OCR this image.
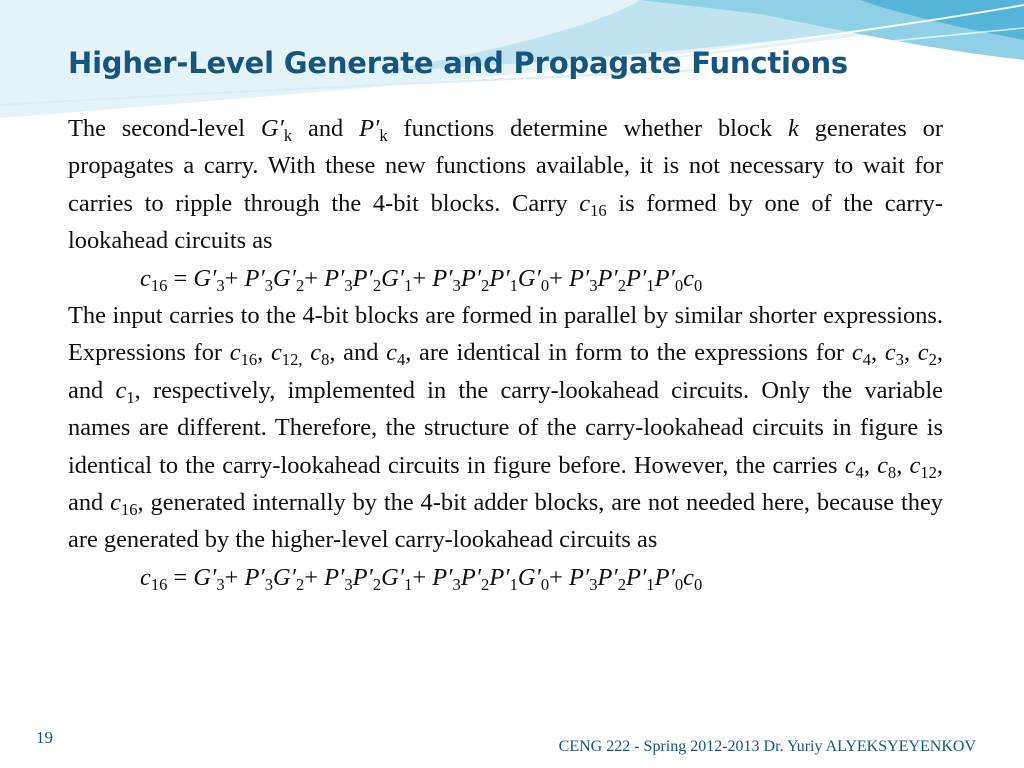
Higher-Level Generate and Propagate Functions

The second-level $G'_k$ and $P'_k$ functions determine whether block k generates or propagates a carry. With these new functions available, it is not necessary to wait for carries to ripple through the 4-bit blocks. Carry $c_{16}$ is formed by one of the carry-lookahead circuits as

$c_{16} = G'_3+ P'_3G'_2+ P'_3P'_2G'_1+ P'_3P'_2P'_1G'_0+ P'_3P'_2P'_1P'_0c_0$

The input carries to the 4-bit blocks are formed in parallel by similar shorter expressions. Expressions for $c_{16}$, $c_{12,}$ $c_8$, and $c_4$, are identical in form to the expressions for $c_4$, $c_3$, $c_2$, and $c_1$, respectively, implemented in the carry-lookahead circuits. Only the variable names are different. Therefore, the structure of the carry-lookahead circuits in figure is identical to the carry-lookahead circuits in figure before. However, the carries $c_4$, $c_8$, $c_{12}$, and $c_{16}$, generated internally by the 4-bit adder blocks, are not needed here, because they are generated by the higher-level carry-lookahead circuits as

$c_{16} = G'_3+ P'_3G'_2+ P'_3P'_2G'_1+ P'_3P'_2P'_1G'_0+ P'_3P'_2P'_1P'_0c_0$

19	CENG 222 - Spring 2012-2013 Dr. Yuriy ALYEKSYEYENKOV
